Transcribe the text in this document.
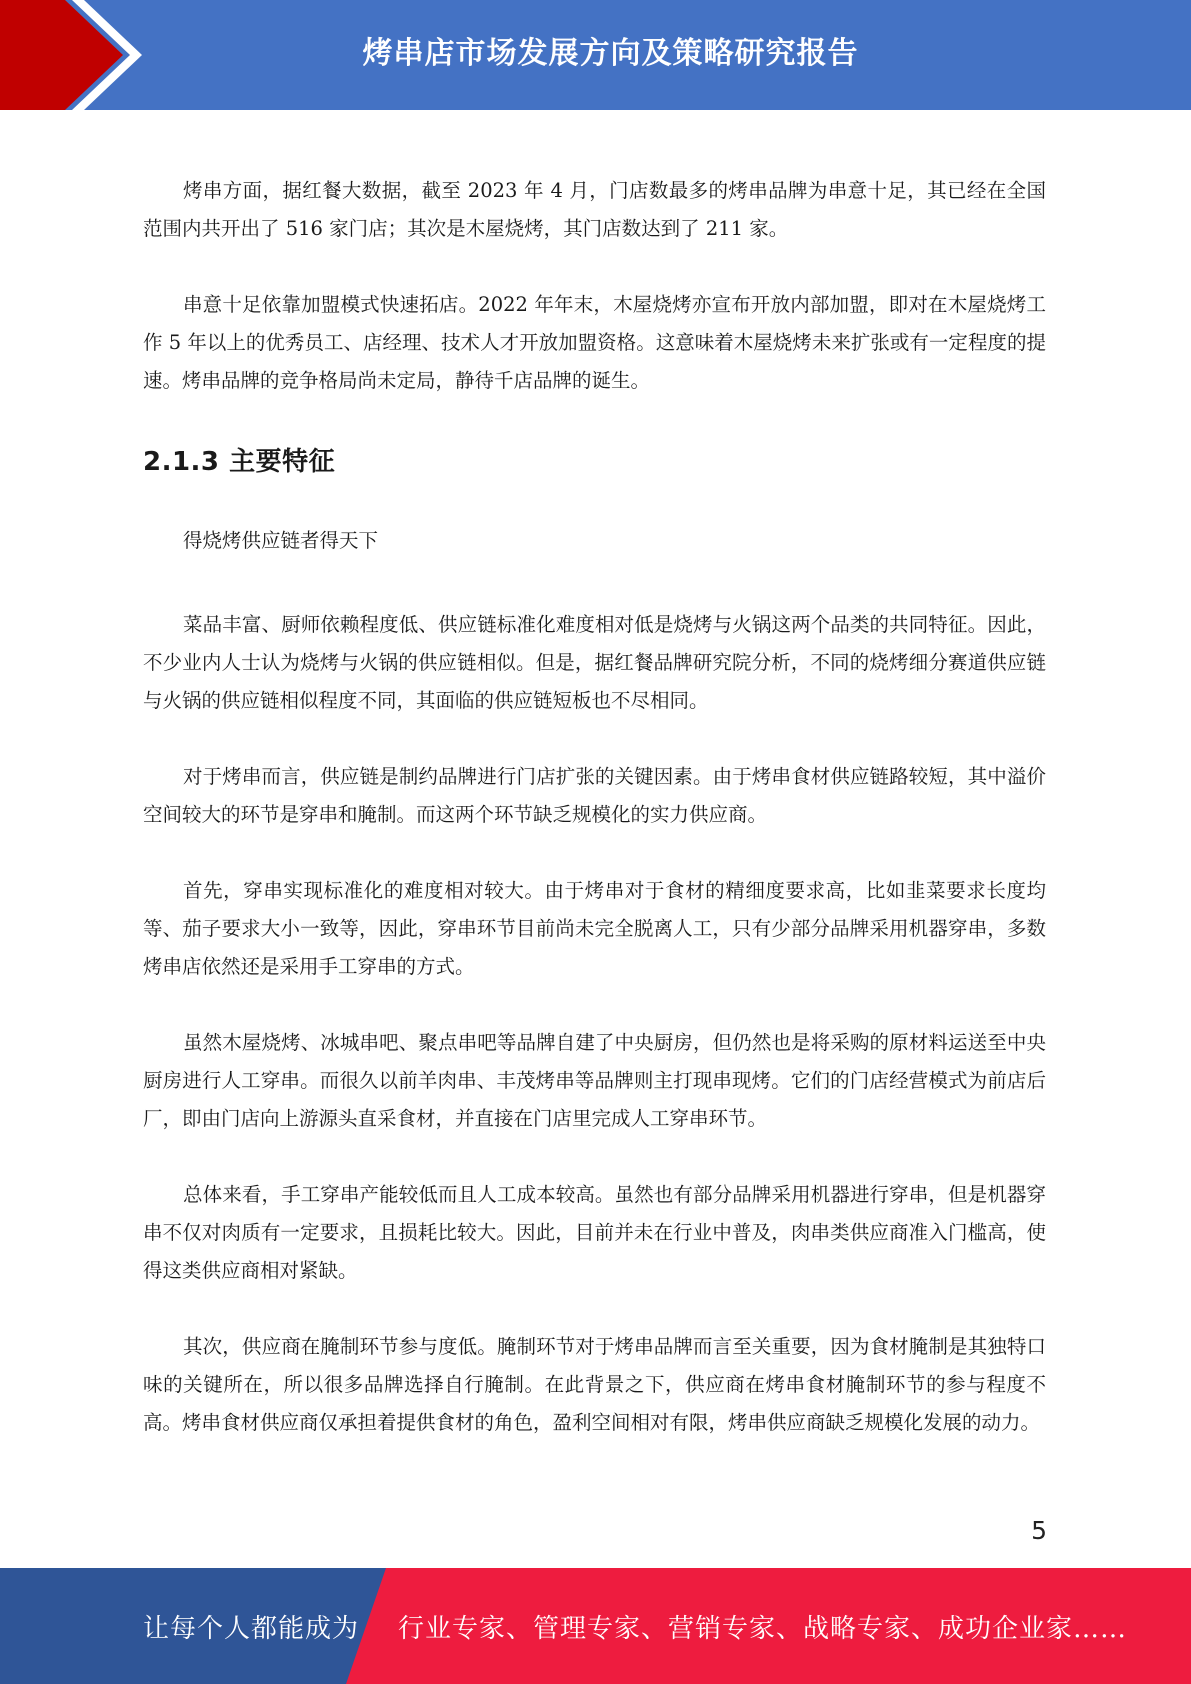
烤串店市场发展方向及策略研究报告

烤串方面，据红餐大数据，截至 2023 年 4 月，门店数最多的烤串品牌为串意十足，其已经在全国范围内共开出了 516 家门店；其次是木屋烧烤，其门店数达到了 211 家。

串意十足依靠加盟模式快速拓店。2022 年年末，木屋烧烤亦宣布开放内部加盟，即对在木屋烧烤工作 5 年以上的优秀员工、店经理、技术人才开放加盟资格。这意味着木屋烧烤未来扩张或有一定程度的提速。烤串品牌的竞争格局尚未定局，静待千店品牌的诞生。

2.1.3 主要特征

得烧烤供应链者得天下

菜品丰富、厨师依赖程度低、供应链标准化难度相对低是烧烤与火锅这两个品类的共同特征。因此，不少业内人士认为烧烤与火锅的供应链相似。但是，据红餐品牌研究院分析，不同的烧烤细分赛道供应链与火锅的供应链相似程度不同，其面临的供应链短板也不尽相同。

对于烤串而言，供应链是制约品牌进行门店扩张的关键因素。由于烤串食材供应链路较短，其中溢价空间较大的环节是穿串和腌制。而这两个环节缺乏规模化的实力供应商。

首先，穿串实现标准化的难度相对较大。由于烤串对于食材的精细度要求高，比如韭菜要求长度均等、茄子要求大小一致等，因此，穿串环节目前尚未完全脱离人工，只有少部分品牌采用机器穿串，多数烤串店依然还是采用手工穿串的方式。

虽然木屋烧烤、冰城串吧、聚点串吧等品牌自建了中央厨房，但仍然也是将采购的原材料运送至中央厨房进行人工穿串。而很久以前羊肉串、丰茂烤串等品牌则主打现串现烤。它们的门店经营模式为前店后厂，即由门店向上游源头直采食材，并直接在门店里完成人工穿串环节。

总体来看，手工穿串产能较低而且人工成本较高。虽然也有部分品牌采用机器进行穿串，但是机器穿串不仅对肉质有一定要求，且损耗比较大。因此，目前并未在行业中普及，肉串类供应商准入门槛高，使得这类供应商相对紧缺。

其次，供应商在腌制环节参与度低。腌制环节对于烤串品牌而言至关重要，因为食材腌制是其独特口味的关键所在，所以很多品牌选择自行腌制。在此背景之下，供应商在烤串食材腌制环节的参与程度不高。烤串食材供应商仅承担着提供食材的角色，盈利空间相对有限，烤串供应商缺乏规模化发展的动力。

5
让每个人都能成为 行业专家、管理专家、营销专家、战略专家、成功企业家……
